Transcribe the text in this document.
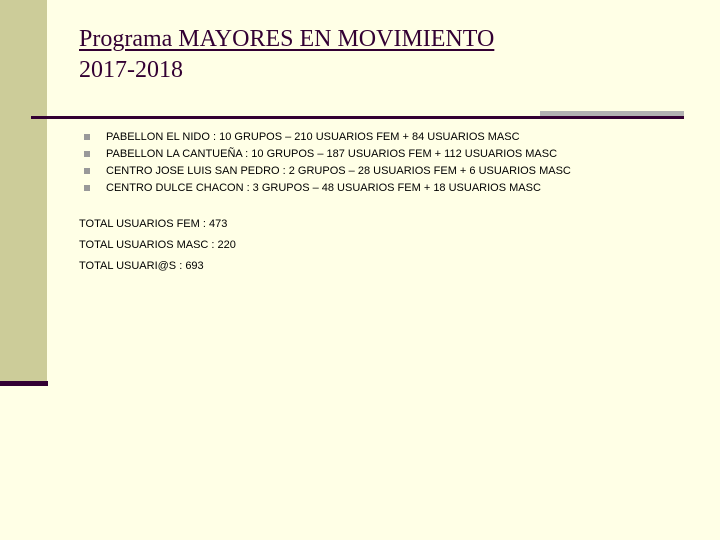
Programa MAYORES EN MOVIMIENTO
2017-2018
PABELLON EL NIDO : 10 GRUPOS – 210 USUARIOS FEM + 84 USUARIOS MASC
PABELLON LA CANTUEÑA : 10 GRUPOS – 187 USUARIOS FEM + 112 USUARIOS MASC
CENTRO JOSE LUIS SAN PEDRO : 2 GRUPOS – 28 USUARIOS FEM + 6 USUARIOS MASC
CENTRO DULCE CHACON : 3 GRUPOS – 48 USUARIOS FEM + 18 USUARIOS MASC
TOTAL USUARIOS FEM : 473
TOTAL USUARIOS MASC : 220
TOTAL USUARI@S : 693
